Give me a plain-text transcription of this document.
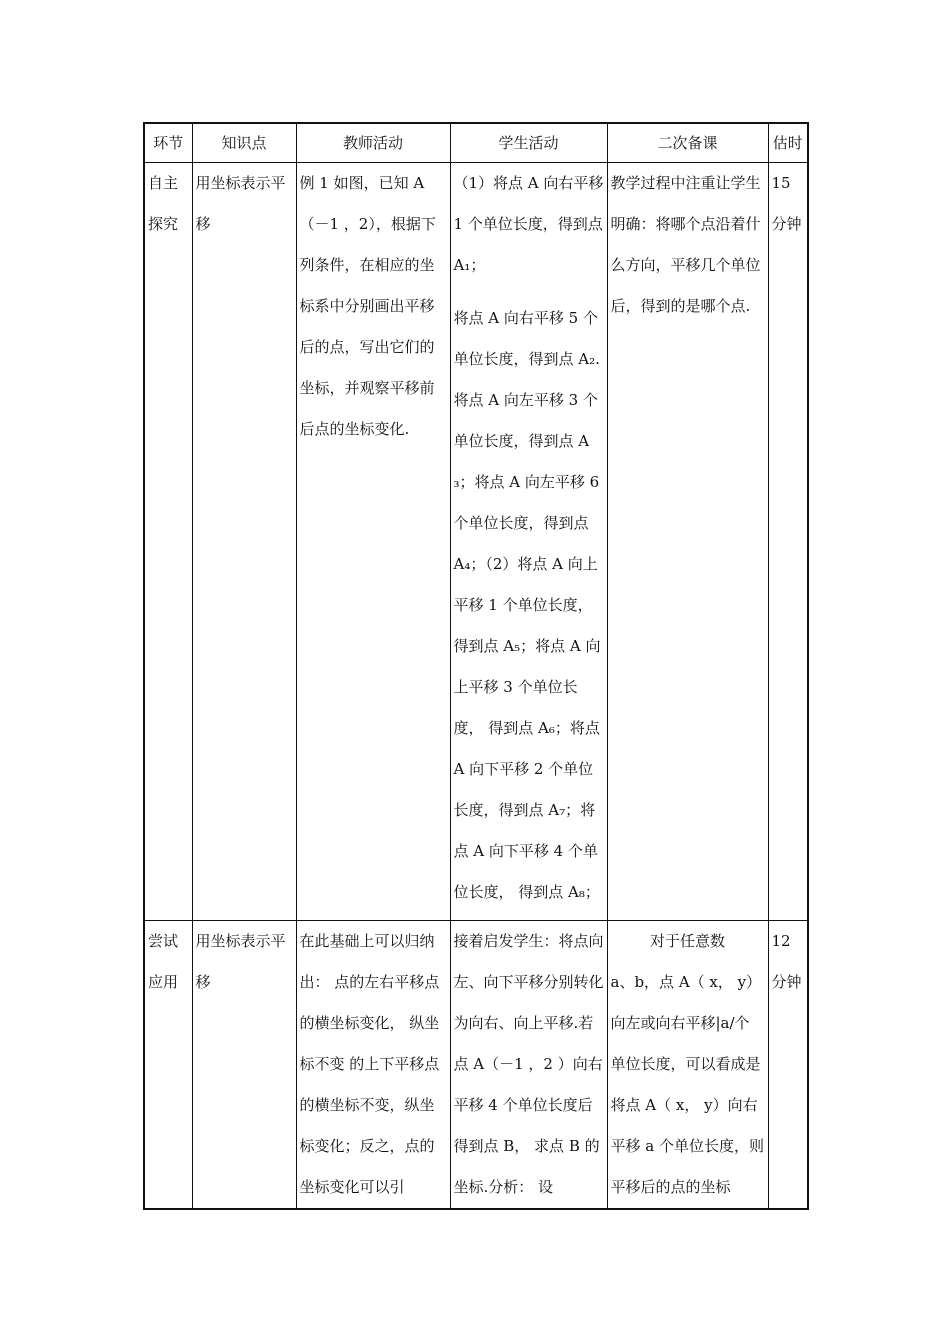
环节	知识点	教师活动	学生活动	二次备课	估时
自主探究	用坐标表示平移	例 1 如图，已知 A（－1 ，2），根据下列条件，在相应的坐标系中分别画出平移后的点，写出它们的坐标，并观察平移前后点的坐标变化.	（1）将点 A 向右平移 1 个单位长度，得到点 A₁；
将点 A 向右平移 5 个单位长度，得到点 A₂.将点 A 向左平移 3 个单位长度，得到点 A₃；将点 A 向左平移 6 个单位长度，得到点 A₄；（2）将点 A 向上平移 1 个单位长度，得到点 A₅；将点 A 向上平移 3 个单位长度， 得到点 A₆；将点 A 向下平移 2 个单位长度，得到点 A₇；将点 A 向下平移 4 个单位长度， 得到点 A₈；	教学过程中注重让学生明确：将哪个点沿着什么方向，平移几个单位后，得到的是哪个点.	15 分钟
尝试应用	用坐标表示平移	在此基础上可以归纳出： 点的左右平移点的横坐标变化， 纵坐标不变 的上下平移点的横坐标不变，纵坐标变化；反之，点的坐标变化可以引	接着启发学生：将点向左、向下平移分别转化为向右、向上平移.若点 A（－1 ，2 ）向右平移 4 个单位长度后得到点 B， 求点 B 的坐标.分析： 设	对于任意数
a、b，点 A（ x， y）向左或向右平移|a/个单位长度，可以看成是将点 A（ x， y）向右平移 a 个单位长度，则平移后的点的坐标	12 分钟
